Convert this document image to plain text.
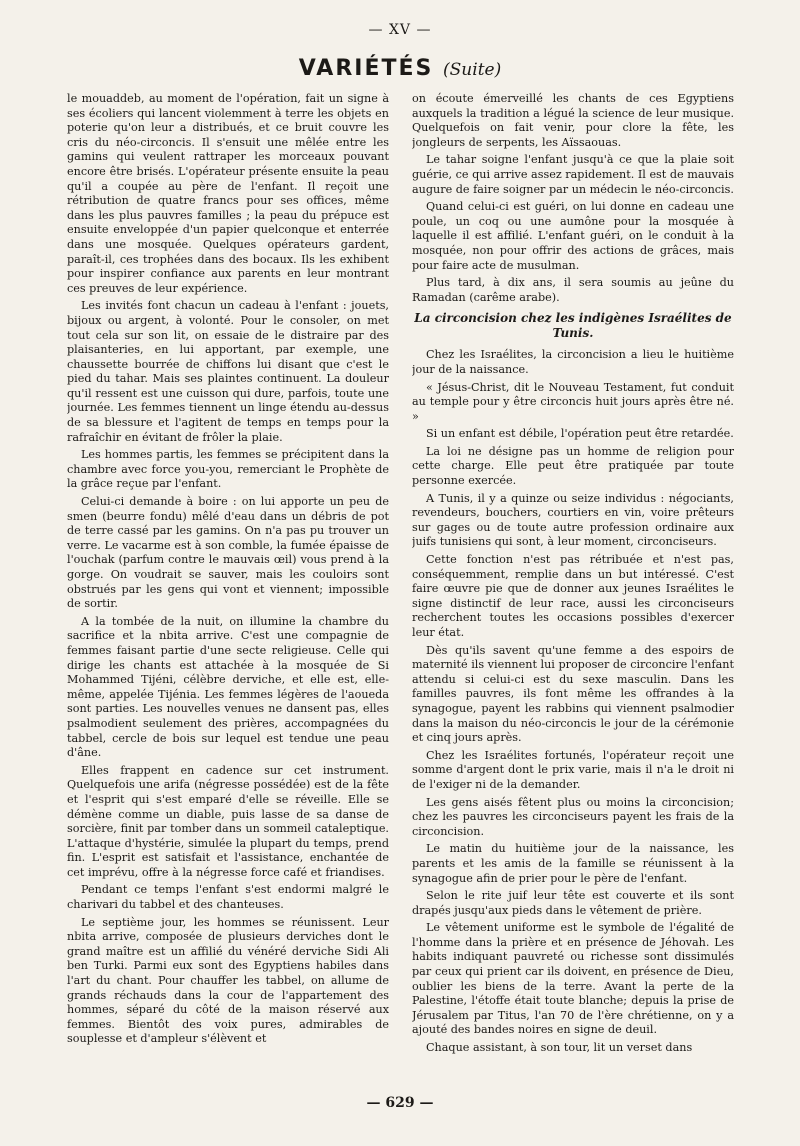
— XV —
VARIÉTÉS (Suite)

le mouaddeb, au moment de l'opération, fait un signe à ses écoliers qui lancent violemment à terre les objets en poterie qu'on leur a distribués, et ce bruit couvre les cris du néo-circoncis. Il s'ensuit une mêlée entre les gamins qui veulent rattraper les morceaux pouvant encore être brisés. L'opérateur présente ensuite la peau qu'il a coupée au père de l'enfant. Il reçoit une rétribution de quatre francs pour ses offices, même dans les plus pauvres familles ; la peau du prépuce est ensuite enveloppée d'un papier quelconque et enterrée dans une mosquée. Quelques opérateurs gardent, paraît-il, ces trophées dans des bocaux. Ils les exhibent pour inspirer confiance aux parents en leur montrant ces preuves de leur expérience.

Les invités font chacun un cadeau à l'enfant : jouets, bijoux ou argent, à volonté. Pour le consoler, on met tout cela sur son lit, on essaie de le distraire par des plaisanteries, en lui apportant, par exemple, une chaussette bourrée de chiffons lui disant que c'est le pied du tahar. Mais ses plaintes continuent. La douleur qu'il ressent est une cuisson qui dure, parfois, toute une journée. Les femmes tiennent un linge étendu au-dessus de sa blessure et l'agitent de temps en temps pour la rafraîchir en évitant de frôler la plaie.

Les hommes partis, les femmes se précipitent dans la chambre avec force you-you, remerciant le Prophète de la grâce reçue par l'enfant.

Celui-ci demande à boire : on lui apporte un peu de smen (beurre fondu) mêlé d'eau dans un débris de pot de terre cassé par les gamins. On n'a pas pu trouver un verre. Le vacarme est à son comble, la fumée épaisse de l'ouchak (parfum contre le mauvais œil) vous prend à la gorge. On voudrait se sauver, mais les couloirs sont obstrués par les gens qui vont et viennent; impossible de sortir.

A la tombée de la nuit, on illumine la chambre du sacrifice et la nbita arrive. C'est une compagnie de femmes faisant partie d'une secte religieuse. Celle qui dirige les chants est attachée à la mosquée de Si Mohammed Tijéni, célèbre derviche, et elle est, elle-même, appelée Tijénia. Les femmes légères de l'aoueda sont parties. Les nouvelles venues ne dansent pas, elles psalmodient seulement des prières, accompagnées du tabbel, cercle de bois sur lequel est tendue une peau d'âne.

Elles frappent en cadence sur cet instrument. Quelquefois une arifa (négresse possédée) est de la fête et l'esprit qui s'est emparé d'elle se réveille. Elle se démène comme un diable, puis lasse de sa danse de sorcière, finit par tomber dans un sommeil cataleptique. L'attaque d'hystérie, simulée la plupart du temps, prend fin. L'esprit est satisfait et l'assistance, enchantée de cet imprévu, offre à la négresse force café et friandises.

Pendant ce temps l'enfant s'est endormi malgré le charivari du tabbel et des chanteuses.

Le septième jour, les hommes se réunissent. Leur nbita arrive, composée de plusieurs derviches dont le grand maître est un affilié du vénéré derviche Sidi Ali ben Turki. Parmi eux sont des Egyptiens habiles dans l'art du chant. Pour chauffer les tabbel, on allume de grands réchauds dans la cour de l'appartement des hommes, séparé du côté de la maison réservé aux femmes. Bientôt des voix pures, admirables de souplesse et d'ampleur s'élèvent et

on écoute émerveillé les chants de ces Egyptiens auxquels la tradition a légué la science de leur musique. Quelquefois on fait venir, pour clore la fête, les jongleurs de serpents, les Aïssaouas.

Le tahar soigne l'enfant jusqu'à ce que la plaie soit guérie, ce qui arrive assez rapidement. Il est de mauvais augure de faire soigner par un médecin le néo-circoncis.

Quand celui-ci est guéri, on lui donne en cadeau une poule, un coq ou une aumône pour la mosquée à laquelle il est affilié. L'enfant guéri, on le conduit à la mosquée, non pour offrir des actions de grâces, mais pour faire acte de musulman.

Plus tard, à dix ans, il sera soumis au jeûne du Ramadan (carême arabe).

La circoncision chez les indigènes Israélites de Tunis.

Chez les Israélites, la circoncision a lieu le huitième jour de la naissance.

« Jésus-Christ, dit le Nouveau Testament, fut conduit au temple pour y être circoncis huit jours après être né. »

Si un enfant est débile, l'opération peut être retardée.

La loi ne désigne pas un homme de religion pour cette charge. Elle peut être pratiquée par toute personne exercée.

A Tunis, il y a quinze ou seize individus : négociants, revendeurs, bouchers, courtiers en vin, voire prêteurs sur gages ou de toute autre profession ordinaire aux juifs tunisiens qui sont, à leur moment, circonciseurs.

Cette fonction n'est pas rétribuée et n'est pas, conséquemment, remplie dans un but intéressé. C'est faire œuvre pie que de donner aux jeunes Israélites le signe distinctif de leur race, aussi les circonciseurs recherchent toutes les occasions possibles d'exercer leur état.

Dès qu'ils savent qu'une femme a des espoirs de maternité ils viennent lui proposer de circoncire l'enfant attendu si celui-ci est du sexe masculin. Dans les familles pauvres, ils font même les offrandes à la synagogue, payent les rabbins qui viennent psalmodier dans la maison du néo-circoncis le jour de la cérémonie et cinq jours après.

Chez les Israélites fortunés, l'opérateur reçoit une somme d'argent dont le prix varie, mais il n'a le droit ni de l'exiger ni de la demander.

Les gens aisés fêtent plus ou moins la circoncision; chez les pauvres les circonciseurs payent les frais de la circoncision.

Le matin du huitième jour de la naissance, les parents et les amis de la famille se réunissent à la synagogue afin de prier pour le père de l'enfant.

Selon le rite juif leur tête est couverte et ils sont drapés jusqu'aux pieds dans le vêtement de prière.

Le vêtement uniforme est le symbole de l'égalité de l'homme dans la prière et en présence de Jéhovah. Les habits indiquant pauvreté ou richesse sont dissimulés par ceux qui prient car ils doivent, en présence de Dieu, oublier les biens de la terre. Avant la perte de la Palestine, l'étoffe était toute blanche; depuis la prise de Jérusalem par Titus, l'an 70 de l'ère chrétienne, on y a ajouté des bandes noires en signe de deuil.

Chaque assistant, à son tour, lit un verset dans

— 629 —
